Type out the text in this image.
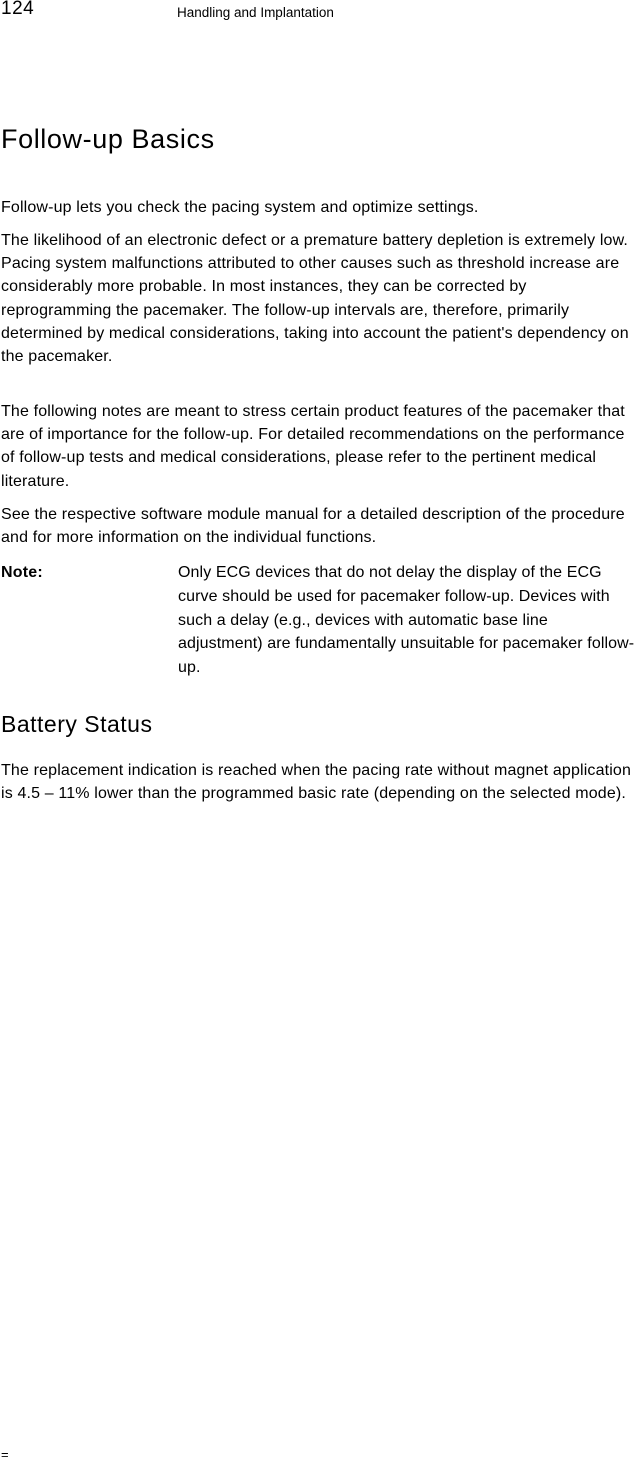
124	Handling and Implantation
Follow-up Basics

Follow-up lets you check the pacing system and optimize settings.

The likelihood of an electronic defect or a premature battery depletion is extremely low. Pacing system malfunctions attributed to other causes such as threshold increase are considerably more probable. In most instances, they can be corrected by reprogramming the pacemaker. The follow-up intervals are, therefore, primarily determined by medical considerations, taking into account the patient's dependency on the pacemaker.

The following notes are meant to stress certain product features of the pacemaker that are of importance for the follow-up. For detailed recommendations on the performance of follow-up tests and medical considerations, please refer to the pertinent medical literature.

See the respective software module manual for a detailed description of the procedure and for more information on the individual functions.

Note:	Only ECG devices that do not delay the display of the ECG curve should be used for pacemaker follow-up. Devices with such a delay (e.g., devices with automatic base line adjustment) are fundamentally unsuitable for pacemaker follow-up.

Battery Status

The replacement indication is reached when the pacing rate without magnet application is 4.5 – 11% lower than the programmed basic rate (depending on the selected mode).

=
